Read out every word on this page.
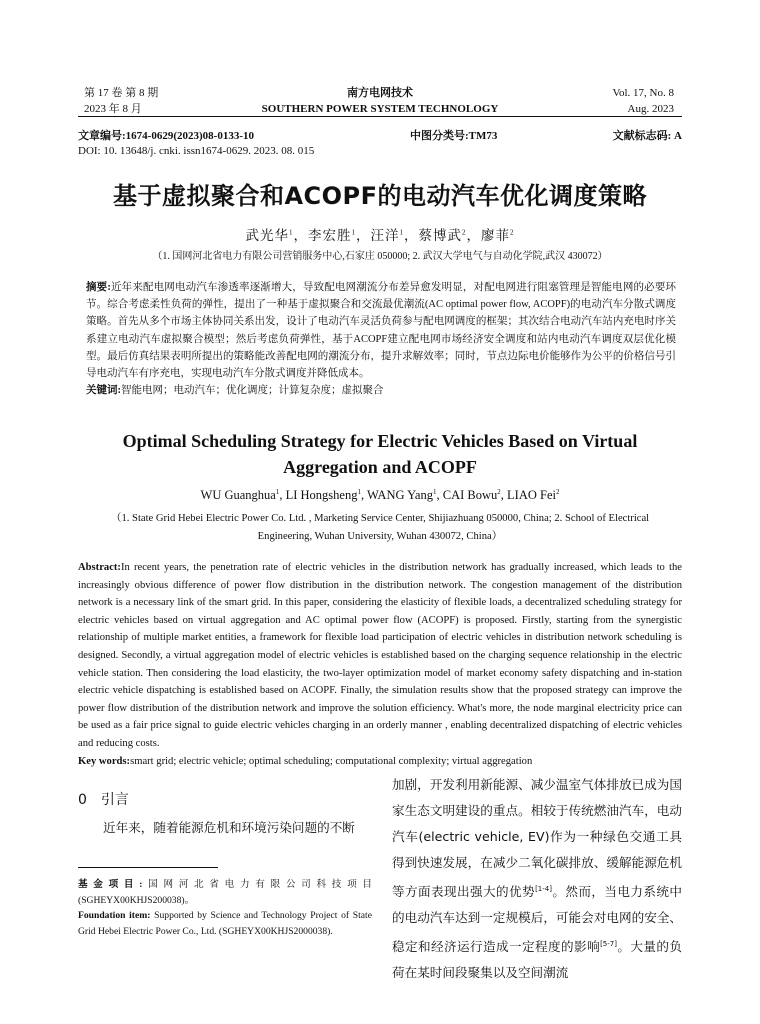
第 17 卷 第 8 期
2023 年 8 月
南方电网技术
SOUTHERN POWER SYSTEM TECHNOLOGY
Vol. 17, No. 8
Aug. 2023
文章编号:1674-0629(2023)08-0133-10	中图分类号:TM73	文献标志码: A
DOI: 10. 13648/j. cnki. issn1674-0629. 2023. 08. 015
基于虚拟聚合和ACOPF的电动汽车优化调度策略
武光华$^1$，李宏胜$^1$，汪洋$^1$，蔡博武$^2$，廖菲$^2$
（1. 国网河北省电力有限公司营销服务中心,石家庄 050000; 2. 武汉大学电气与自动化学院,武汉 430072）
摘要:近年来配电网电动汽车渗透率逐渐增大，导致配电网潮流分布差异愈发明显，对配电网进行阻塞管理是智能电网的必要环节。综合考虑柔性负荷的弹性，提出了一种基于虚拟聚合和交流最优潮流(AC optimal power flow, ACOPF)的电动汽车分散式调度策略。首先从多个市场主体协同关系出发，设计了电动汽车灵活负荷参与配电网调度的框架；其次结合电动汽车站内充电时序关系建立电动汽车虚拟聚合模型；然后考虑负荷弹性，基于ACOPF建立配电网市场经济安全调度和站内电动汽车调度双层优化模型。最后仿真结果表明所提出的策略能改善配电网的潮流分布，提升求解效率；同时，节点边际电价能够作为公平的价格信号引导电动汽车有序充电，实现电动汽车分散式调度并降低成本。
关键词:智能电网；电动汽车；优化调度；计算复杂度；虚拟聚合
Optimal Scheduling Strategy for Electric Vehicles Based on Virtual Aggregation and ACOPF
WU Guanghua$^1$, LI Hongsheng$^1$, WANG Yang$^1$, CAI Bowu$^2$, LIAO Fei$^2$
（1. State Grid Hebei Electric Power Co. Ltd. , Marketing Service Center, Shijiazhuang 050000, China; 2. School of Electrical Engineering, Wuhan University, Wuhan 430072, China）
Abstract:In recent years, the penetration rate of electric vehicles in the distribution network has gradually increased, which leads to the increasingly obvious difference of power flow distribution in the distribution network. The congestion management of the distribution network is a necessary link of the smart grid. In this paper, considering the elasticity of flexible loads, a decentralized scheduling strategy for electric vehicles based on virtual aggregation and AC optimal power flow (ACOPF) is proposed. Firstly, starting from the synergistic relationship of multiple market entities, a framework for flexible load participation of electric vehicles in distribution network scheduling is designed. Secondly, a virtual aggregation model of electric vehicles is established based on the charging sequence relationship in the electric vehicle station. Then considering the load elasticity, the two-layer optimization model of market economy safety dispatching and in-station electric vehicle dispatching is established based on ACOPF. Finally, the simulation results show that the proposed strategy can improve the power flow distribution of the distribution network and improve the solution efficiency. What's more, the node marginal electricity price can be used as a fair price signal to guide electric vehicles charging in an orderly manner , enabling decentralized dispatching of electric vehicles and reducing costs.
Key words:smart grid; electric vehicle; optimal scheduling; computational complexity; virtual aggregation
0　引言
近年来，随着能源危机和环境污染问题的不断
基金项目:国网河北省电力有限公司科技项目(SGHEYX00KHJS200038)。
Foundation item: Supported by Science and Technology Project of State Grid Hebei Electric Power Co., Ltd. (SGHEYX00KHJS2000038).
加剧，开发利用新能源、减少温室气体排放已成为国家生态文明建设的重点。相较于传统燃油汽车，电动汽车(electric vehicle, EV)作为一种绿色交通工具得到快速发展，在减少二氧化碳排放、缓解能源危机等方面表现出强大的优势[1-4]。然而，当电力系统中的电动汽车达到一定规模后，可能会对电网的安全、稳定和经济运行造成一定程度的影响[5-7]。大量的负荷在某时间段聚集以及空间潮流
